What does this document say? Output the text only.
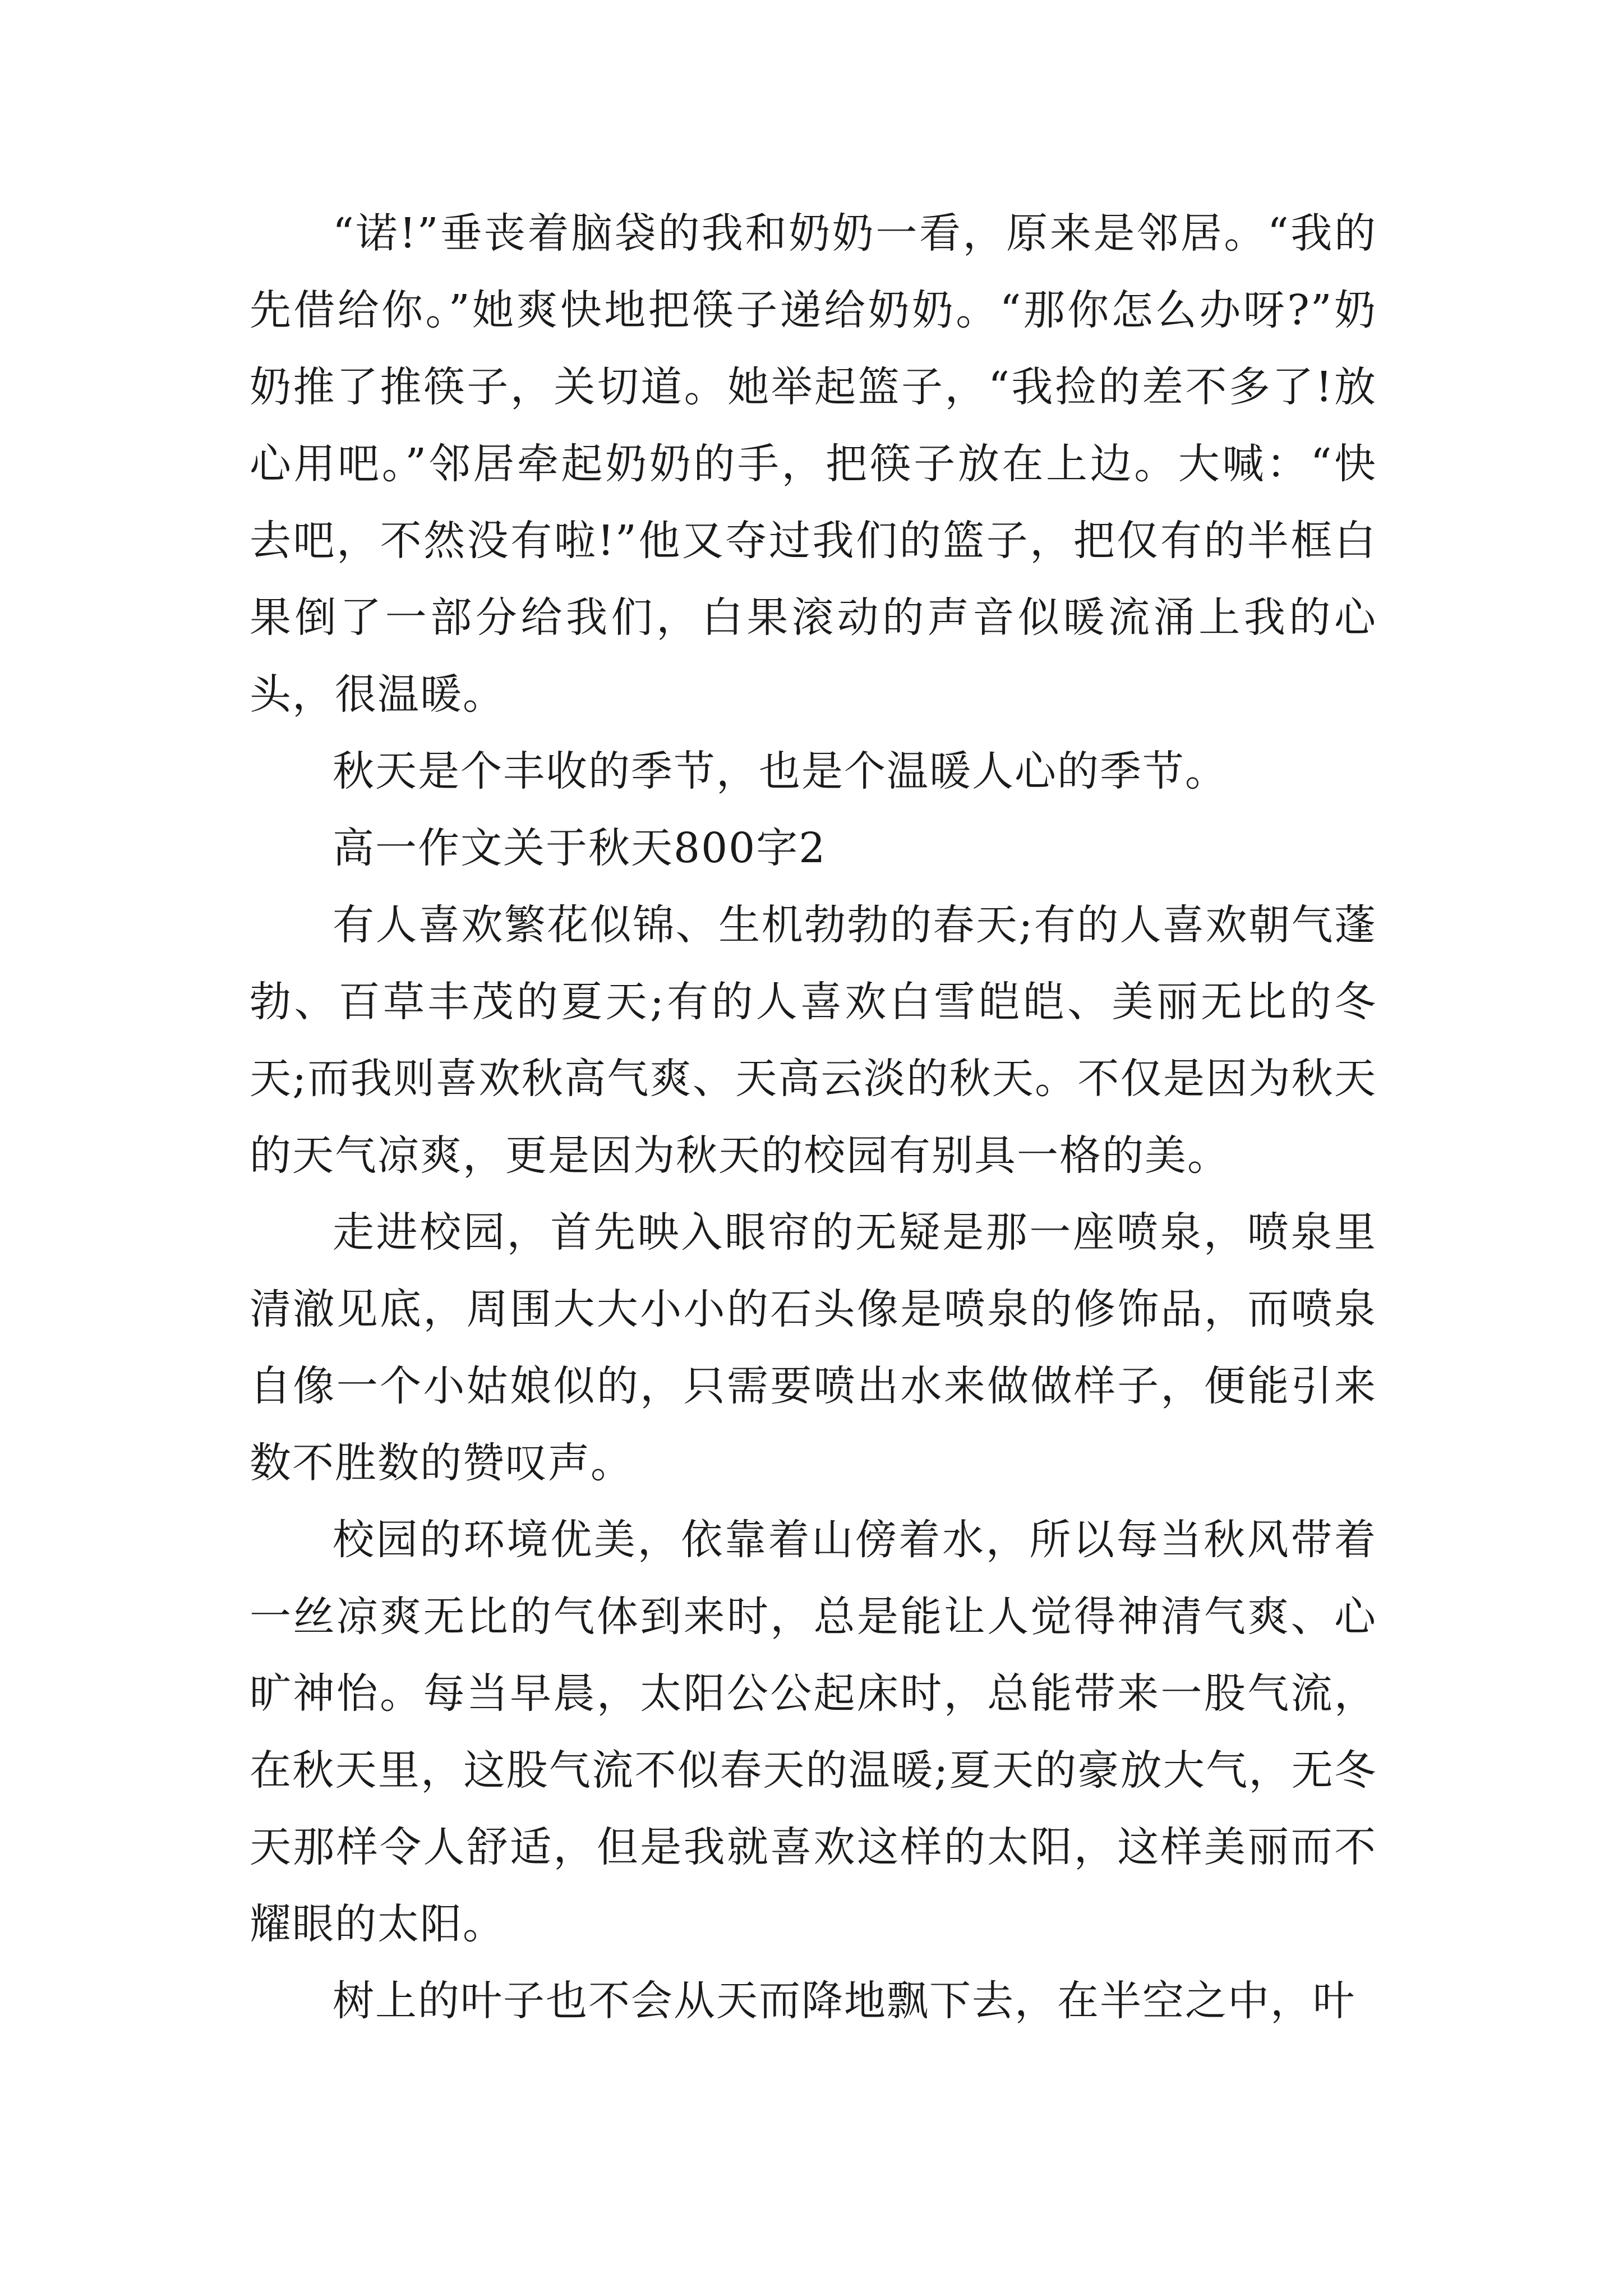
“诺!”垂丧着脑袋的我和奶奶一看，原来是邻居。“我的先借给你。”她爽快地把筷子递给奶奶。“那你怎么办呀?”奶奶推了推筷子，关切道。她举起篮子，“我捡的差不多了!放心用吧。”邻居牵起奶奶的手，把筷子放在上边。大喊：“快去吧，不然没有啦!”他又夺过我们的篮子，把仅有的半框白果倒了一部分给我们，白果滚动的声音似暖流涌上我的心头，很温暖。

秋天是个丰收的季节，也是个温暖人心的季节。

高一作文关于秋天800字2

有人喜欢繁花似锦、生机勃勃的春天;有的人喜欢朝气蓬勃、百草丰茂的夏天;有的人喜欢白雪皑皑、美丽无比的冬天;而我则喜欢秋高气爽、天高云淡的秋天。不仅是因为秋天的天气凉爽，更是因为秋天的校园有别具一格的美。

走进校园，首先映入眼帘的无疑是那一座喷泉，喷泉里清澈见底，周围大大小小的石头像是喷泉的修饰品，而喷泉自像一个小姑娘似的，只需要喷出水来做做样子，便能引来数不胜数的赞叹声。

校园的环境优美，依靠着山傍着水，所以每当秋风带着一丝凉爽无比的气体到来时，总是能让人觉得神清气爽、心旷神怡。每当早晨，太阳公公起床时，总能带来一股气流，在秋天里，这股气流不似春天的温暖;夏天的豪放大气，无冬天那样令人舒适，但是我就喜欢这样的太阳，这样美丽而不耀眼的太阳。

树上的叶子也不会从天而降地飘下去，在半空之中，叶
